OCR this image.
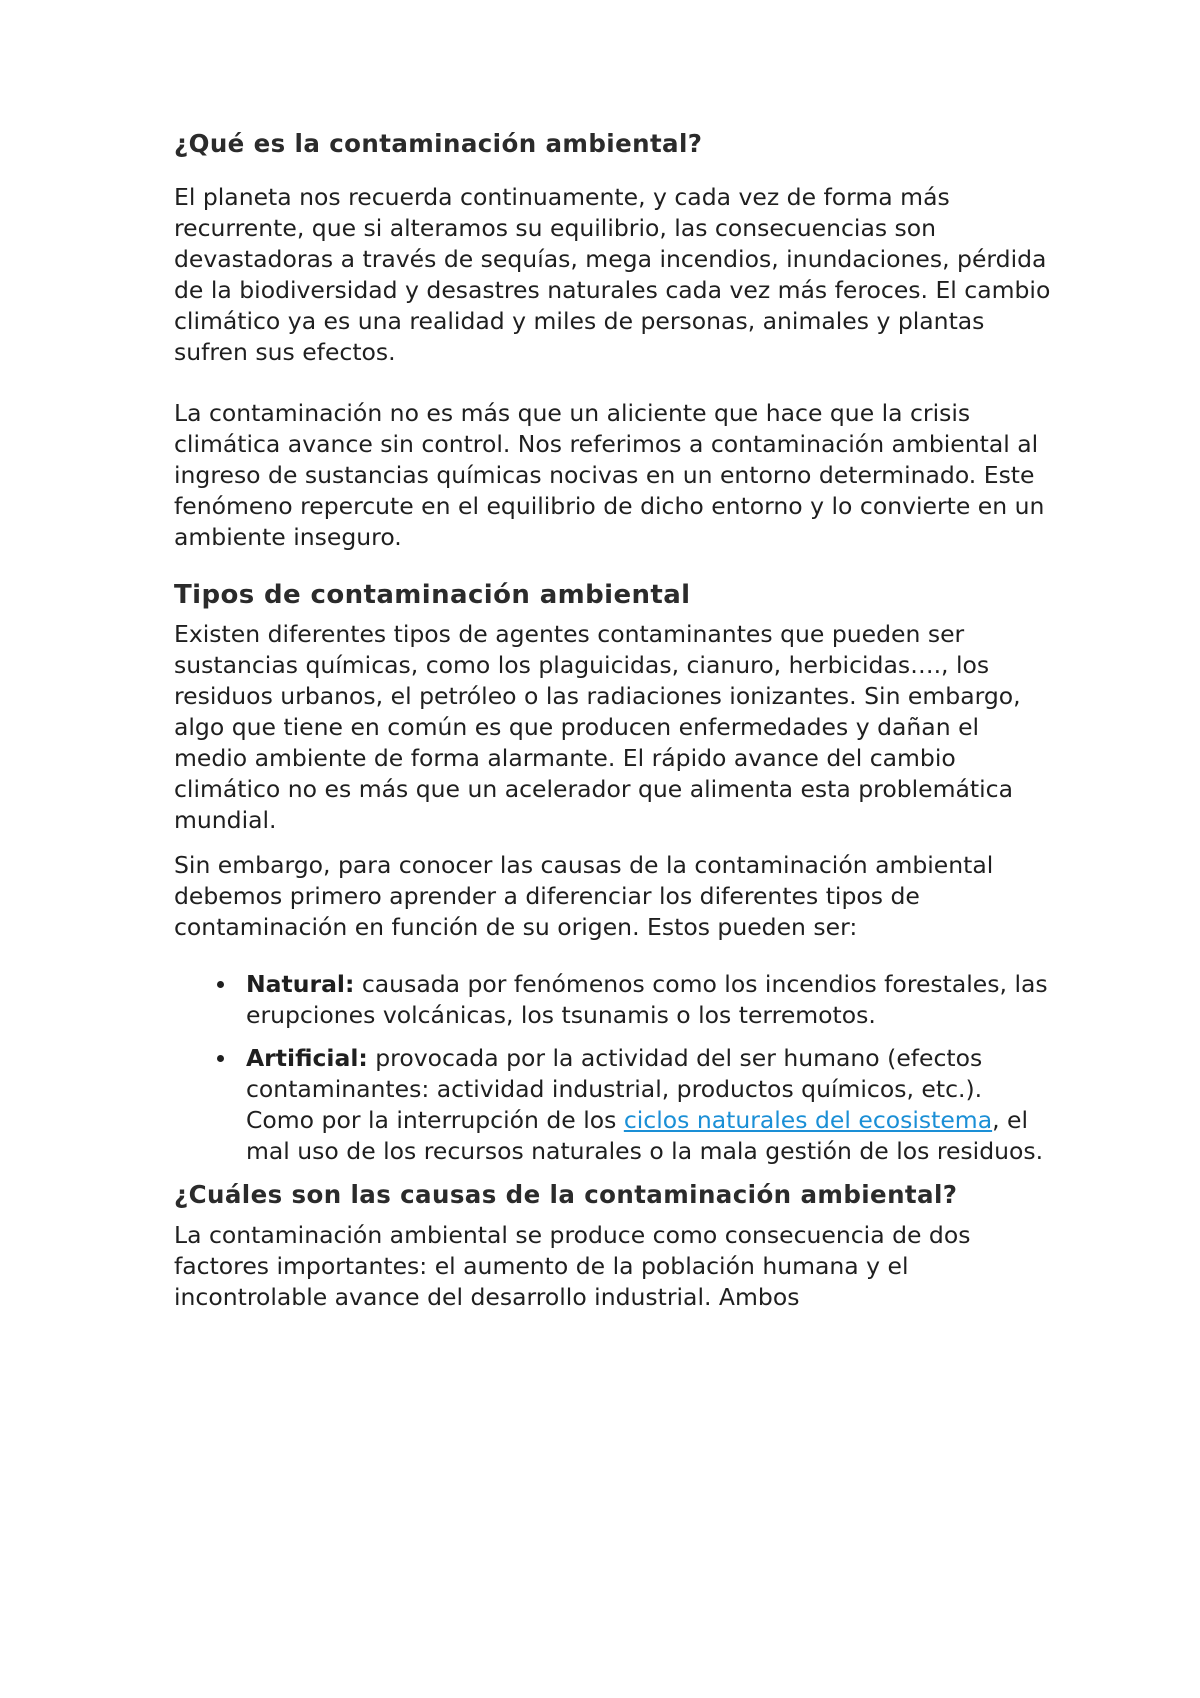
¿Qué es la contaminación ambiental?

El planeta nos recuerda continuamente, y cada vez de forma más recurrente, que si alteramos su equilibrio, las consecuencias son devastadoras a través de sequías, mega incendios, inundaciones, pérdida de la biodiversidad y desastres naturales cada vez más feroces. El cambio climático ya es una realidad y miles de personas, animales y plantas sufren sus efectos.

La contaminación no es más que un aliciente que hace que la crisis climática avance sin control. Nos referimos a contaminación ambiental al ingreso de sustancias químicas nocivas en un entorno determinado. Este fenómeno repercute en el equilibrio de dicho entorno y lo convierte en un ambiente inseguro.

Tipos de contaminación ambiental

Existen diferentes tipos de agentes contaminantes que pueden ser sustancias químicas, como los plaguicidas, cianuro, herbicidas…., los residuos urbanos, el petróleo o las radiaciones ionizantes. Sin embargo, algo que tiene en común es que producen enfermedades y dañan el medio ambiente de forma alarmante. El rápido avance del cambio climático no es más que un acelerador que alimenta esta problemática mundial.

Sin embargo, para conocer las causas de la contaminación ambiental debemos primero aprender a diferenciar los diferentes tipos de contaminación en función de su origen. Estos pueden ser:

Natural: causada por fenómenos como los incendios forestales, las erupciones volcánicas, los tsunamis o los terremotos.
Artificial: provocada por la actividad del ser humano (efectos contaminantes: actividad industrial, productos químicos, etc.). Como por la interrupción de los ciclos naturales del ecosistema, el mal uso de los recursos naturales o la mala gestión de los residuos.
¿Cuáles son las causas de la contaminación ambiental?

La contaminación ambiental se produce como consecuencia de dos factores importantes: el aumento de la población humana y el incontrolable avance del desarrollo industrial. Ambos
